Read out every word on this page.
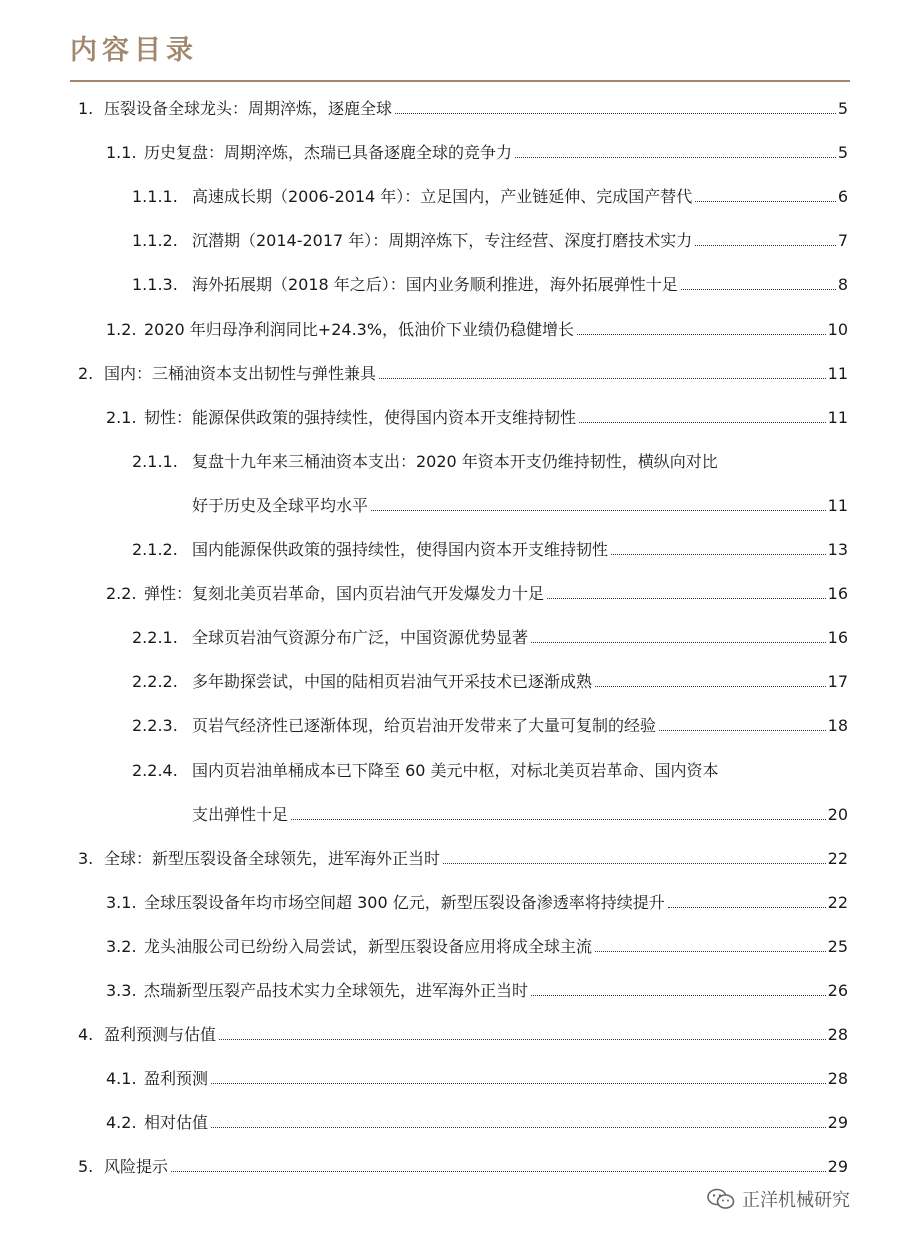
内容目录
1. 压裂设备全球龙头：周期淬炼，逐鹿全球	5
1.1. 历史复盘：周期淬炼，杰瑞已具备逐鹿全球的竞争力	5
1.1.1. 高速成长期（2006-2014 年）：立足国内，产业链延伸、完成国产替代	6
1.1.2. 沉潜期（2014-2017 年）：周期淬炼下，专注经营、深度打磨技术实力	7
1.1.3. 海外拓展期（2018 年之后）：国内业务顺利推进，海外拓展弹性十足	8
1.2. 2020 年归母净利润同比+24.3%，低油价下业绩仍稳健增长	10
2. 国内：三桶油资本支出韧性与弹性兼具	11
2.1. 韧性：能源保供政策的强持续性，使得国内资本开支维持韧性	11
2.1.1. 复盘十九年来三桶油资本支出：2020 年资本开支仍维持韧性，横纵向对比
好于历史及全球平均水平	11
2.1.2. 国内能源保供政策的强持续性，使得国内资本开支维持韧性	13
2.2. 弹性：复刻北美页岩革命，国内页岩油气开发爆发力十足	16
2.2.1. 全球页岩油气资源分布广泛，中国资源优势显著	16
2.2.2. 多年勘探尝试，中国的陆相页岩油气开采技术已逐渐成熟	17
2.2.3. 页岩气经济性已逐渐体现，给页岩油开发带来了大量可复制的经验	18
2.2.4. 国内页岩油单桶成本已下降至 60 美元中枢，对标北美页岩革命、国内资本
支出弹性十足	20
3. 全球：新型压裂设备全球领先，进军海外正当时	22
3.1. 全球压裂设备年均市场空间超 300 亿元，新型压裂设备渗透率将持续提升	22
3.2. 龙头油服公司已纷纷入局尝试，新型压裂设备应用将成全球主流	25
3.3. 杰瑞新型压裂产品技术实力全球领先，进军海外正当时	26
4. 盈利预测与估值	28
4.1. 盈利预测	28
4.2. 相对估值	29
5. 风险提示	29
正洋机械研究
